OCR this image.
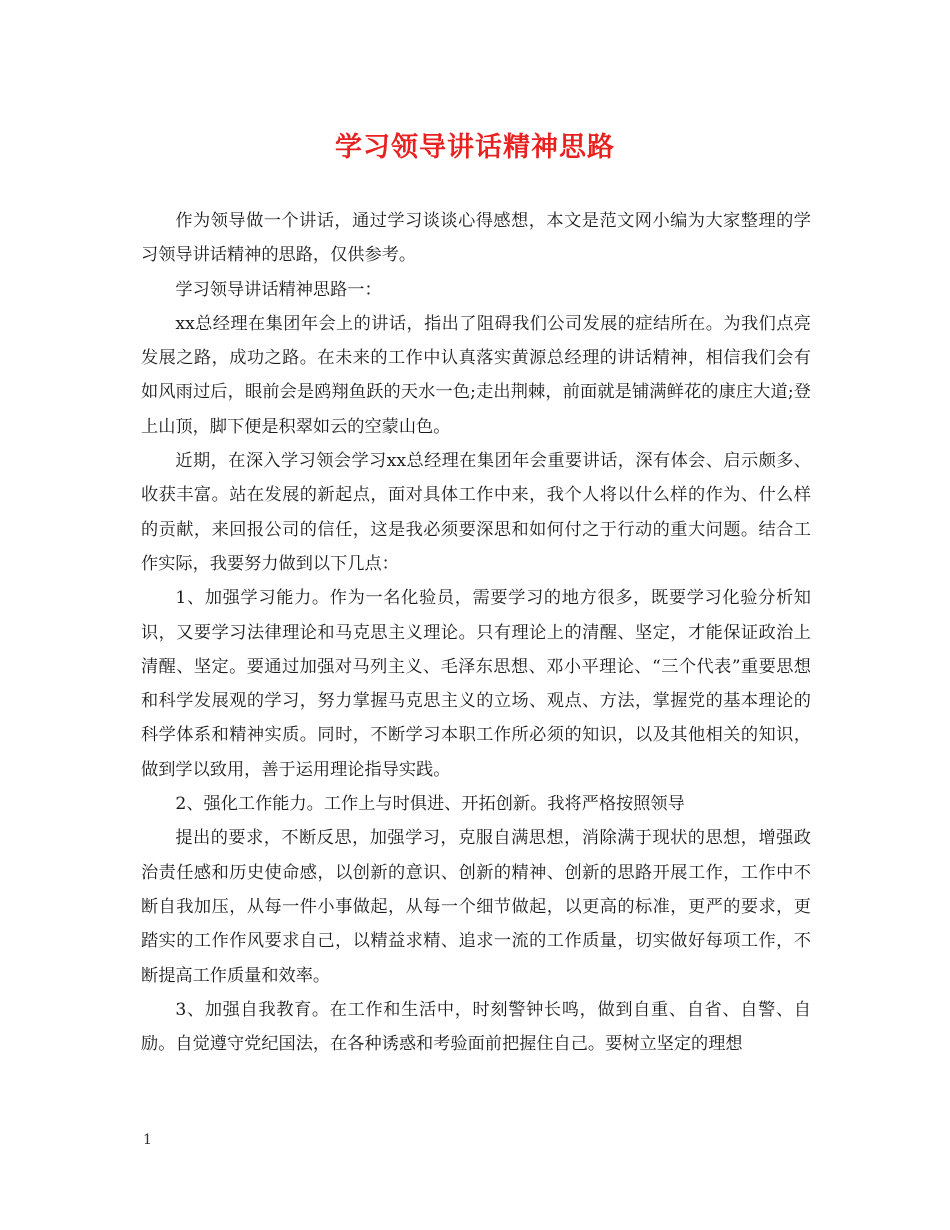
学习领导讲话精神思路

作为领导做一个讲话，通过学习谈谈心得感想，本文是范文网小编为大家整理的学习领导讲话精神的思路，仅供参考。

学习领导讲话精神思路一：

xx总经理在集团年会上的讲话，指出了阻碍我们公司发展的症结所在。为我们点亮发展之路，成功之路。在未来的工作中认真落实黄源总经理的讲话精神，相信我们会有如风雨过后，眼前会是鸥翔鱼跃的天水一色;走出荆棘，前面就是铺满鲜花的康庄大道;登上山顶，脚下便是积翠如云的空蒙山色。

近期，在深入学习领会学习xx总经理在集团年会重要讲话，深有体会、启示颇多、收获丰富。站在发展的新起点，面对具体工作中来，我个人将以什么样的作为、什么样的贡献，来回报公司的信任，这是我必须要深思和如何付之于行动的重大问题。结合工作实际，我要努力做到以下几点：

1、加强学习能力。作为一名化验员，需要学习的地方很多，既要学习化验分析知识，又要学习法律理论和马克思主义理论。只有理论上的清醒、坚定，才能保证政治上清醒、坚定。要通过加强对马列主义、毛泽东思想、邓小平理论、“三个代表”重要思想和科学发展观的学习，努力掌握马克思主义的立场、观点、方法，掌握党的基本理论的科学体系和精神实质。同时，不断学习本职工作所必须的知识，以及其他相关的知识，做到学以致用，善于运用理论指导实践。

2、强化工作能力。工作上与时俱进、开拓创新。我将严格按照领导

提出的要求，不断反思，加强学习，克服自满思想，消除满于现状的思想，增强政治责任感和历史使命感，以创新的意识、创新的精神、创新的思路开展工作，工作中不断自我加压，从每一件小事做起，从每一个细节做起，以更高的标准，更严的要求，更踏实的工作作风要求自己，以精益求精、追求一流的工作质量，切实做好每项工作，不断提高工作质量和效率。

3、加强自我教育。在工作和生活中，时刻警钟长鸣，做到自重、自省、自警、自励。自觉遵守党纪国法，在各种诱惑和考验面前把握住自己。要树立坚定的理想

1
